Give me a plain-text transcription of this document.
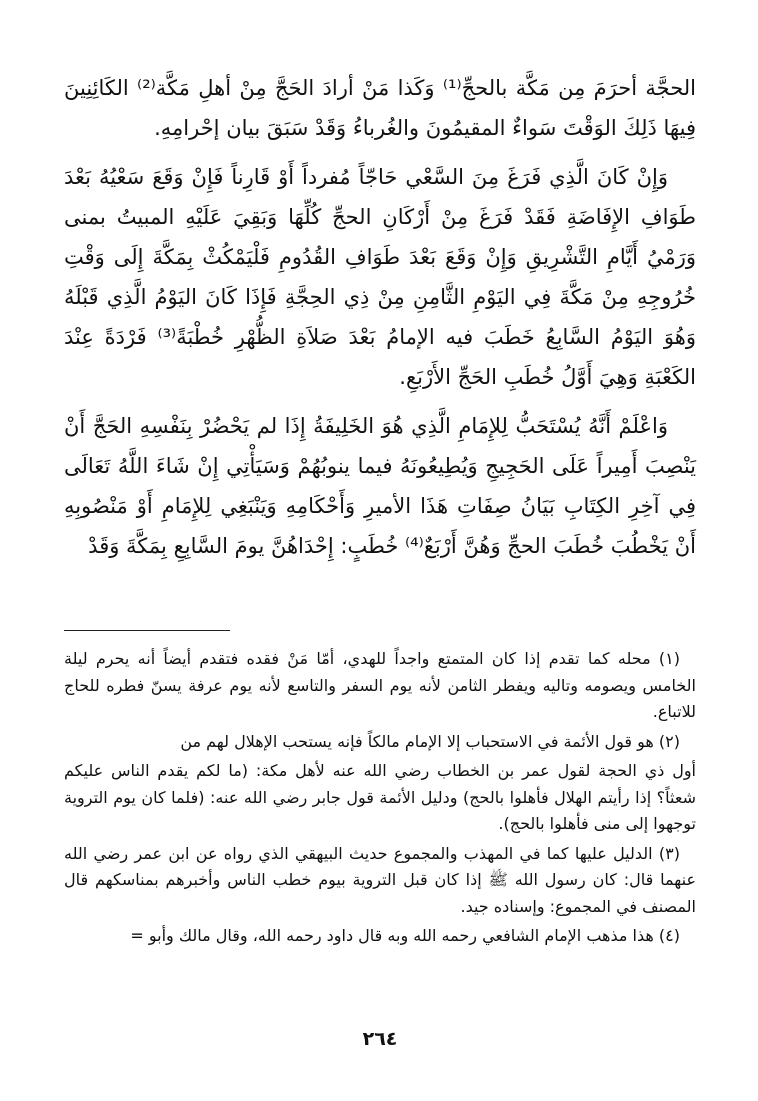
الحجَّة أحرَمَ مِن مَكَّة بالحجِّ⁽¹⁾ وَكَذا مَنْ أرادَ الحَجَّ مِنْ أهلِ مَكَّة⁽²⁾ الكَائِنِينَ فِيهَا ذَلِكَ الوَقْتَ سَواءٌ المقيمُونَ والغُرباءُ وَقَدْ سَبَقَ بيان إحْرامِهِ.

وَإِنْ كَانَ الَّذِي فَرَغَ مِنَ السَّعْي حَاجّاً مُفرداً أَوْ قَارِناً فَإِنْ وَقَعَ سَعْيُهُ بَعْدَ طَوَافِ الإِفَاضَةِ فَقَدْ فَرَغَ مِنْ أَرْكَانِ الحجِّ كُلِّهَا وَبَقِيَ عَلَيْهِ المبيتُ بمنى وَرَمْيُ أَيَّامِ التَّشْرِيقِ وَإِنْ وَقَعَ بَعْدَ طَوَافِ القُدُومِ فَلْيَمْكُثْ بِمَكَّةَ إِلَى وَقْتِ خُرُوجِهِ مِنْ مَكَّةَ فِي اليَوْمِ الثَّامِنِ مِنْ ذِي الحِجَّةِ فَإِذَا كَانَ اليَوْمُ الَّذِي قَبْلَهُ وَهُوَ اليَوْمُ السَّابِعُ خَطَبَ فيه الإمامُ بَعْدَ صَلاَةِ الظُّهْرِ خُطْبَةً⁽³⁾ فَرْدَةً عِنْدَ الكَعْبَةِ وَهِيَ أَوَّلُ خُطَبِ الحَجِّ الأَرْبَعِ.

وَاعْلَمْ أَنَّهُ يُسْتَحَبُّ لِلإِمَامِ الَّذِي هُوَ الخَلِيفَةُ إِذَا لم يَحْضُرْ بِنَفْسِهِ الحَجَّ أَنْ يَنْصِبَ أَمِيراً عَلَى الحَجِيجِ وَيُطِيعُونَهُ فيما ينوبُهُمْ وَسَيَأْتِي إِنْ شَاءَ اللَّهُ تَعَالَى فِي آخِرِ الكِتَابِ بَيَانُ صِفَاتِ هَذَا الأميرِ وَأَحْكَامِهِ وَيَنْبَغِي لِلإِمَامِ أَوْ مَنْصُوبِهِ أَنْ يَخْطُبَ خُطَبَ الحجِّ وَهُنَّ أَرْبَعٌ⁽⁴⁾ خُطَبٍ: إِحْدَاهُنَّ يومَ السَّابِعِ بِمَكَّةَ وَقَدْ

(١) محله كما تقدم إذا كان المتمتع واجداً للهدي، أمّا مَنْ فقده فتقدم أيضاً أنه يحرم ليلة الخامس ويصومه وتاليه ويفطر الثامن لأنه يوم السفر والتاسع لأنه يوم عرفة يسنّ فطره للحاج للاتباع.

(٢) هو قول الأئمة في الاستحباب إلا الإمام مالكاً فإنه يستحب الإهلال لهم من

أول ذي الحجة لقول عمر بن الخطاب رضي الله عنه لأهل مكة: (ما لكم يقدم الناس عليكم شعثاً؟ إذا رأيتم الهلال فأهلوا بالحج) ودليل الأئمة قول جابر رضي الله عنه: (فلما كان يوم التروية توجهوا إلى منى فأهلوا بالحج).

(٣) الدليل عليها كما في المهذب والمجموع حديث البيهقي الذي رواه عن ابن عمر رضي الله عنهما قال: كان رسول الله ﷺ إذا كان قبل التروية بيوم خطب الناس وأخبرهم بمناسكهم قال المصنف في المجموع: وإسناده جيد.

(٤) هذا مذهب الإمام الشافعي رحمه الله وبه قال داود رحمه الله، وقال مالك وأبو =

٢٦٤
